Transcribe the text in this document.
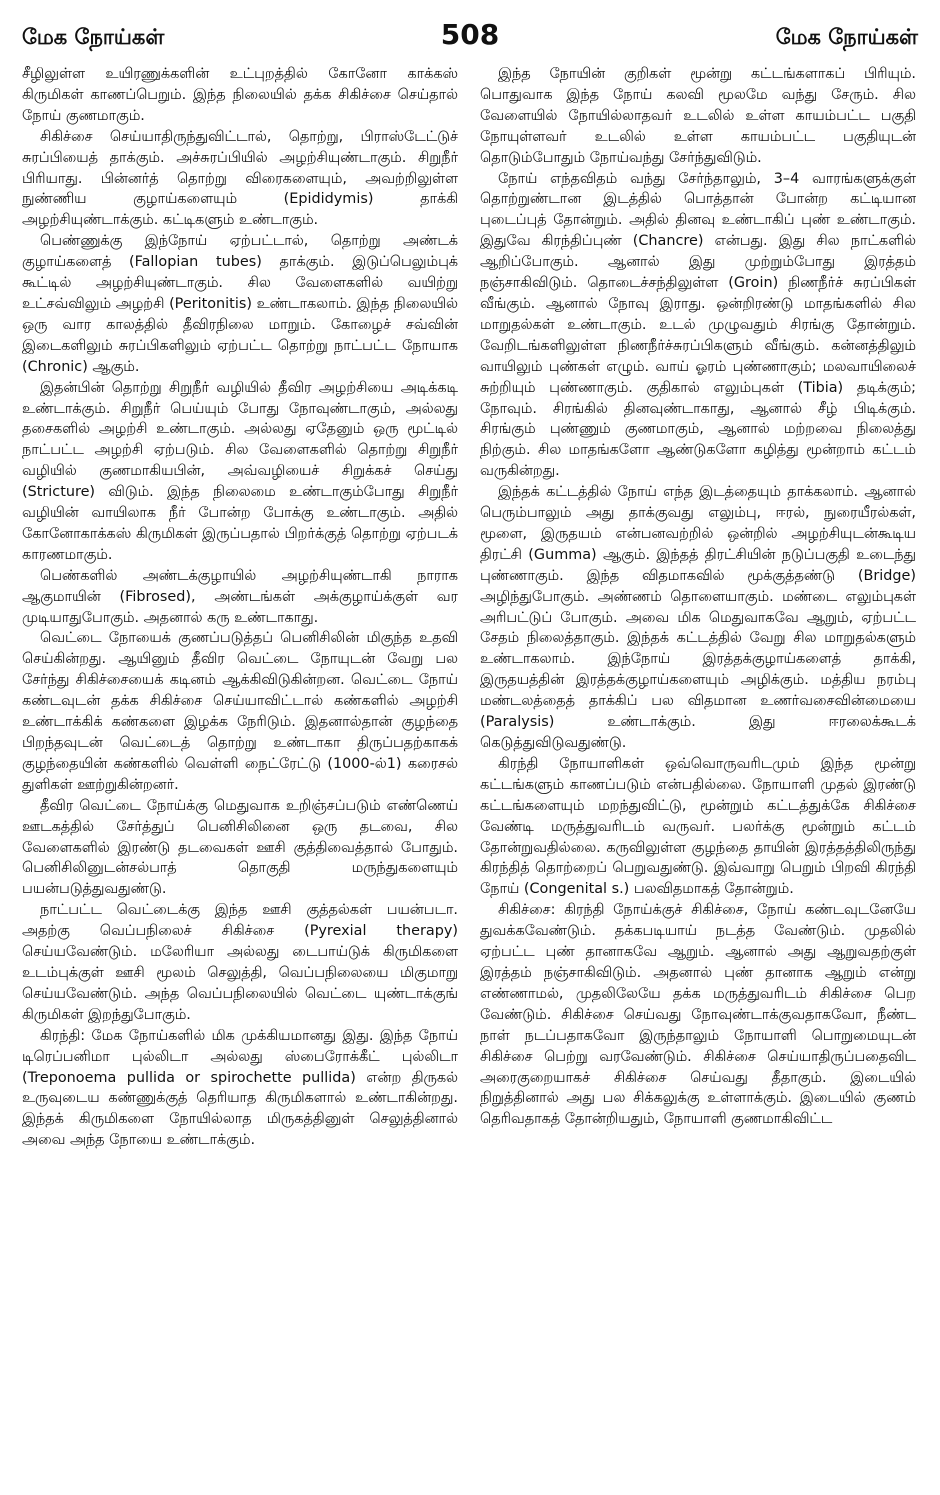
மேக நோய்கள்	508	மேக நோய்கள்

சீழிலுள்ள உயிரணுக்களின் உட்புறத்தில் கோனோ காக்கஸ் கிருமிகள் காணப்பெறும். இந்த நிலையில் தக்க சிகிச்சை செய்தால் நோய் குணமாகும்.

சிகிச்சை செய்யாதிருந்துவிட்டால், தொற்று, பிராஸ்டேட்டுச் சுரப்பியைத் தாக்கும். அச்சுரப்பியில் அழற்சியுண்டாகும். சிறுநீர் பிரியாது. பின்னர்த் தொற்று விரைகளையும், அவற்றிலுள்ள நுண்ணிய குழாய்களையும் (Epididymis) தாக்கி அழற்சியுண்டாக்கும். கட்டிகளும் உண்டாகும்.

பெண்ணுக்கு இந்நோய் ஏற்பட்டால், தொற்று அண்டக் குழாய்களைத் (Fallopian tubes) தாக்கும். இடுப்பெலும்புக் கூட்டில் அழற்சியுண்டாகும். சில வேளைகளில் வயிற்று உட்சவ்விலும் அழற்சி (Peritonitis) உண்டாகலாம். இந்த நிலையில் ஒரு வார காலத்தில் தீவிரநிலை மாறும். கோழைச் சவ்வின் இடைகளிலும் சுரப்பிகளிலும் ஏற்பட்ட தொற்று நாட்பட்ட நோயாக (Chronic) ஆகும்.

இதன்பின் தொற்று சிறுநீர் வழியில் தீவிர அழற்சியை அடிக்கடி உண்டாக்கும். சிறுநீர் பெய்யும் போது நோவுண்டாகும், அல்லது தசைகளில் அழற்சி உண்டாகும். அல்லது ஏதேனும் ஒரு மூட்டில் நாட்பட்ட அழற்சி ஏற்படும். சில வேளைகளில் தொற்று சிறுநீர் வழியில் குணமாகியபின், அவ்வழியைச் சிறுக்கச் செய்து (Stricture) விடும். இந்த நிலைமை உண்டாகும்போது சிறுநீர் வழியின் வாயிலாக நீர் போன்ற போக்கு உண்டாகும். அதில் கோனோகாக்கஸ் கிருமிகள் இருப்பதால் பிறர்க்குத் தொற்று ஏற்படக் காரணமாகும்.

பெண்களில் அண்டக்குழாயில் அழற்சியுண்டாகி நாராக ஆகுமாயின் (Fibrosed), அண்டங்கள் அக்குழாய்க்குள் வர முடியாதுபோகும். அதனால் கரு உண்டாகாது.

வெட்டை நோயைக் குணப்படுத்தப் பெனிசிலின் மிகுந்த உதவி செய்கின்றது. ஆயினும் தீவிர வெட்டை நோயுடன் வேறு பல சேர்ந்து சிகிச்சையைக் கடினம் ஆக்கிவிடுகின்றன. வெட்டை நோய் கண்டவுடன் தக்க சிகிச்சை செய்யாவிட்டால் கண்களில் அழற்சி உண்டாக்கிக் கண்களை இழக்க நேரிடும். இதனால்தான் குழந்தை பிறந்தவுடன் வெட்டைத் தொற்று உண்டாகா திருப்பதற்காகக் குழந்தையின் கண்களில் வெள்ளி நைட்ரேட்டு (1000-ல்1) கரைசல் துளிகள் ஊற்றுகின்றனர்.

தீவிர வெட்டை நோய்க்கு மெதுவாக உறிஞ்சப்படும் எண்ணெய் ஊடகத்தில் சேர்த்துப் பெனிசிலினை ஒரு தடவை, சில வேளைகளில் இரண்டு தடவைகள் ஊசி குத்திவைத்தால் போதும். பெனிசிலினுடன்சல்பாத் தொகுதி மருந்துகளையும் பயன்படுத்துவதுண்டு.

நாட்பட்ட வெட்டைக்கு இந்த ஊசி குத்தல்கள் பயன்படா. அதற்கு வெப்பநிலைச் சிகிச்சை (Pyrexial therapy) செய்யவேண்டும். மலேரியா அல்லது டைபாய்டுக் கிருமிகளை உடம்புக்குள் ஊசி மூலம் செலுத்தி, வெப்பநிலையை மிகுமாறு செய்யவேண்டும். அந்த வெப்பநிலையில் வெட்டை யுண்டாக்குங் கிருமிகள் இறந்துபோகும்.

கிரந்தி: மேக நோய்களில் மிக முக்கியமானது இது. இந்த நோய் டிரெப்பனிமா புல்லிடா அல்லது ஸ்பைரோக்கீட் புல்லிடா (Treponoema pullida or spirochette pullida) என்ற திருகல் உருவுடைய கண்ணுக்குத் தெரியாத கிருமிகளால் உண்டாகின்றது. இந்தக் கிருமிகளை நோயில்லாத மிருகத்தினுள் செலுத்தினால் அவை அந்த நோயை உண்டாக்கும்.

இந்த நோயின் குறிகள் மூன்று கட்டங்களாகப் பிரியும். பொதுவாக இந்த நோய் கலவி மூலமே வந்து சேரும். சில வேளையில் நோயில்லாதவர் உடலில் உள்ள காயம்பட்ட பகுதி நோயுள்ளவர் உடலில் உள்ள காயம்பட்ட பகுதியுடன் தொடும்போதும் நோய்வந்து சேர்ந்துவிடும்.

நோய் எந்தவிதம் வந்து சேர்ந்தாலும், 3–4 வாரங்களுக்குள் தொற்றுண்டான இடத்தில் பொத்தான் போன்ற கட்டியான புடைப்புத் தோன்றும். அதில் தினவு உண்டாகிப் புண் உண்டாகும். இதுவே கிரந்திப்புண் (Chancre) என்பது. இது சில நாட்களில் ஆறிப்போகும். ஆனால் இது முற்றும்போது இரத்தம் நஞ்சாகிவிடும். தொடைச்சந்திலுள்ள (Groin) நிணநீர்ச் சுரப்பிகள் வீங்கும். ஆனால் நோவு இராது. ஒன்றிரண்டு மாதங்களில் சில மாறுதல்கள் உண்டாகும். உடல் முழுவதும் சிரங்கு தோன்றும். வேறிடங்களிலுள்ள நிணநீர்ச்சுரப்பிகளும் வீங்கும். கன்னத்திலும் வாயிலும் புண்கள் எழும். வாய் ஓரம் புண்ணாகும்; மலவாயிலைச் சுற்றியும் புண்ணாகும். குதிகால் எலும்புகள் (Tibia) தடிக்கும்; நோவும். சிரங்கில் தினவுண்டாகாது, ஆனால் சீழ் பிடிக்கும். சிரங்கும் புண்ணும் குணமாகும், ஆனால் மற்றவை நிலைத்து நிற்கும். சில மாதங்களோ ஆண்டுகளோ கழித்து மூன்றாம் கட்டம் வருகின்றது.

இந்தக் கட்டத்தில் நோய் எந்த இடத்தையும் தாக்கலாம். ஆனால் பெரும்பாலும் அது தாக்குவது எலும்பு, ஈரல், நுரையீரல்கள், மூளை, இருதயம் என்பனவற்றில் ஒன்றில் அழற்சியுடன்கூடிய திரட்சி (Gumma) ஆகும். இந்தத் திரட்சியின் நடுப்பகுதி உடைந்து புண்ணாகும். இந்த விதமாகவில் மூக்குத்தண்டு (Bridge) அழிந்துபோகும். அண்ணம் தொளையாகும். மண்டை எலும்புகள் அரிபட்டுப் போகும். அவை மிக மெதுவாகவே ஆறும், ஏற்பட்ட சேதம் நிலைத்தாகும். இந்தக் கட்டத்தில் வேறு சில மாறுதல்களும் உண்டாகலாம். இந்நோய் இரத்தக்குழாய்களைத் தாக்கி, இருதயத்தின் இரத்தக்குழாய்களையும் அழிக்கும். மத்திய நரம்பு மண்டலத்தைத் தாக்கிப் பல விதமான உணர்வசைவின்மையை (Paralysis) உண்டாக்கும். இது ஈரலைக்கூடக் கெடுத்துவிடுவதுண்டு.

கிரந்தி நோயாளிகள் ஒவ்வொருவரிடமும் இந்த மூன்று கட்டங்களும் காணப்படும் என்பதில்லை. நோயாளி முதல் இரண்டு கட்டங்களையும் மறந்துவிட்டு, மூன்றும் கட்டத்துக்கே சிகிச்சை வேண்டி மருத்துவரிடம் வருவர். பலர்க்கு மூன்றும் கட்டம் தோன்றுவதில்லை. கருவிலுள்ள குழந்தை தாயின் இரத்தத்திலிருந்து கிரந்தித் தொற்றைப் பெறுவதுண்டு. இவ்வாறு பெறும் பிறவி கிரந்தி நோய் (Congenital s.) பலவிதமாகத் தோன்றும்.

சிகிச்சை: கிரந்தி நோய்க்குச் சிகிச்சை, நோய் கண்டவுடனேயே துவக்கவேண்டும். தக்கபடியாய் நடத்த வேண்டும். முதலில் ஏற்பட்ட புண் தானாகவே ஆறும். ஆனால் அது ஆறுவதற்குள் இரத்தம் நஞ்சாகிவிடும். அதனால் புண் தானாக ஆறும் என்று எண்ணாமல், முதலிலேயே தக்க மருத்துவரிடம் சிகிச்சை பெற வேண்டும். சிகிச்சை செய்வது நோவுண்டாக்குவதாகவோ, நீண்ட நாள் நடப்பதாகவோ இருந்தாலும் நோயாளி பொறுமையுடன் சிகிச்சை பெற்று வரவேண்டும். சிகிச்சை செய்யாதிருப்பதைவிட அரைகுறையாகச் சிகிச்சை செய்வது தீதாகும். இடையில் நிறுத்தினால் அது பல சிக்கலுக்கு உள்ளாக்கும். இடையில் குணம் தெரிவதாகத் தோன்றியதும், நோயாளி குணமாகிவிட்ட
